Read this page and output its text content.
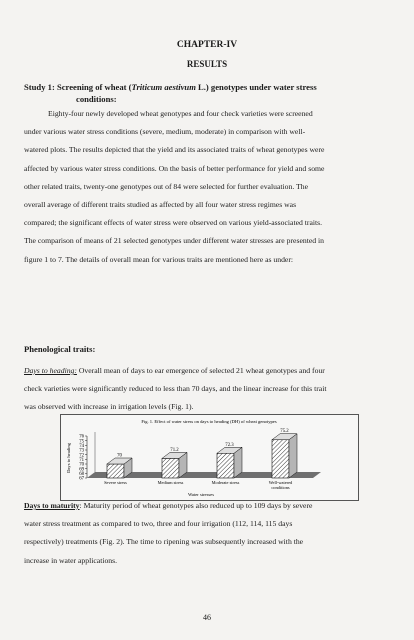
CHAPTER-IV
RESULTS
Study 1: Screening of wheat (Triticum aestivum L.) genotypes under water stress
conditions:
Eighty-four newly developed wheat genotypes and four check varieties were screened
under various water stress conditions (severe, medium, moderate) in comparison with well-
watered plots. The results depicted that the yield and its associated traits of wheat genotypes were
affected by various water stress conditions. On the basis of better performance for yield and some
other related traits, twenty-one genotypes out of 84 were selected for further evaluation. The
overall average of different traits studied as affected by all four water stress regimes was
compared; the significant effects of water stress were observed on various yield-associated traits.
The comparison of means of 21 selected genotypes under different water stresses are presented in
figure 1 to 7. The details of overall mean for various traits are mentioned here as under:
Phenological traits:
Days to heading: Overall mean of days to ear emergence of selected 21 wheat genotypes and four
check varieties were significantly reduced to less than 70 days, and the linear increase for this trait
was observed with increase in irrigation levels (Fig. 1).
Fig. 1. Effect of water stress on days to heading (DH) of wheat genotypes
76
75
74
73
72
71
70
69
68
67
Days to heading	70
Severe stress
71.2
Medium stress
72.3
Moderate stress
75.2
Well-watered
conditions
Water stresses
Days to maturity: Maturity period of wheat genotypes also reduced up to 109 days by severe
water stress treatment as compared to two, three and four irrigation (112, 114, 115 days
respectively) treatments (Fig. 2). The time to ripening was subsequently increased with the
increase in water applications.
46
